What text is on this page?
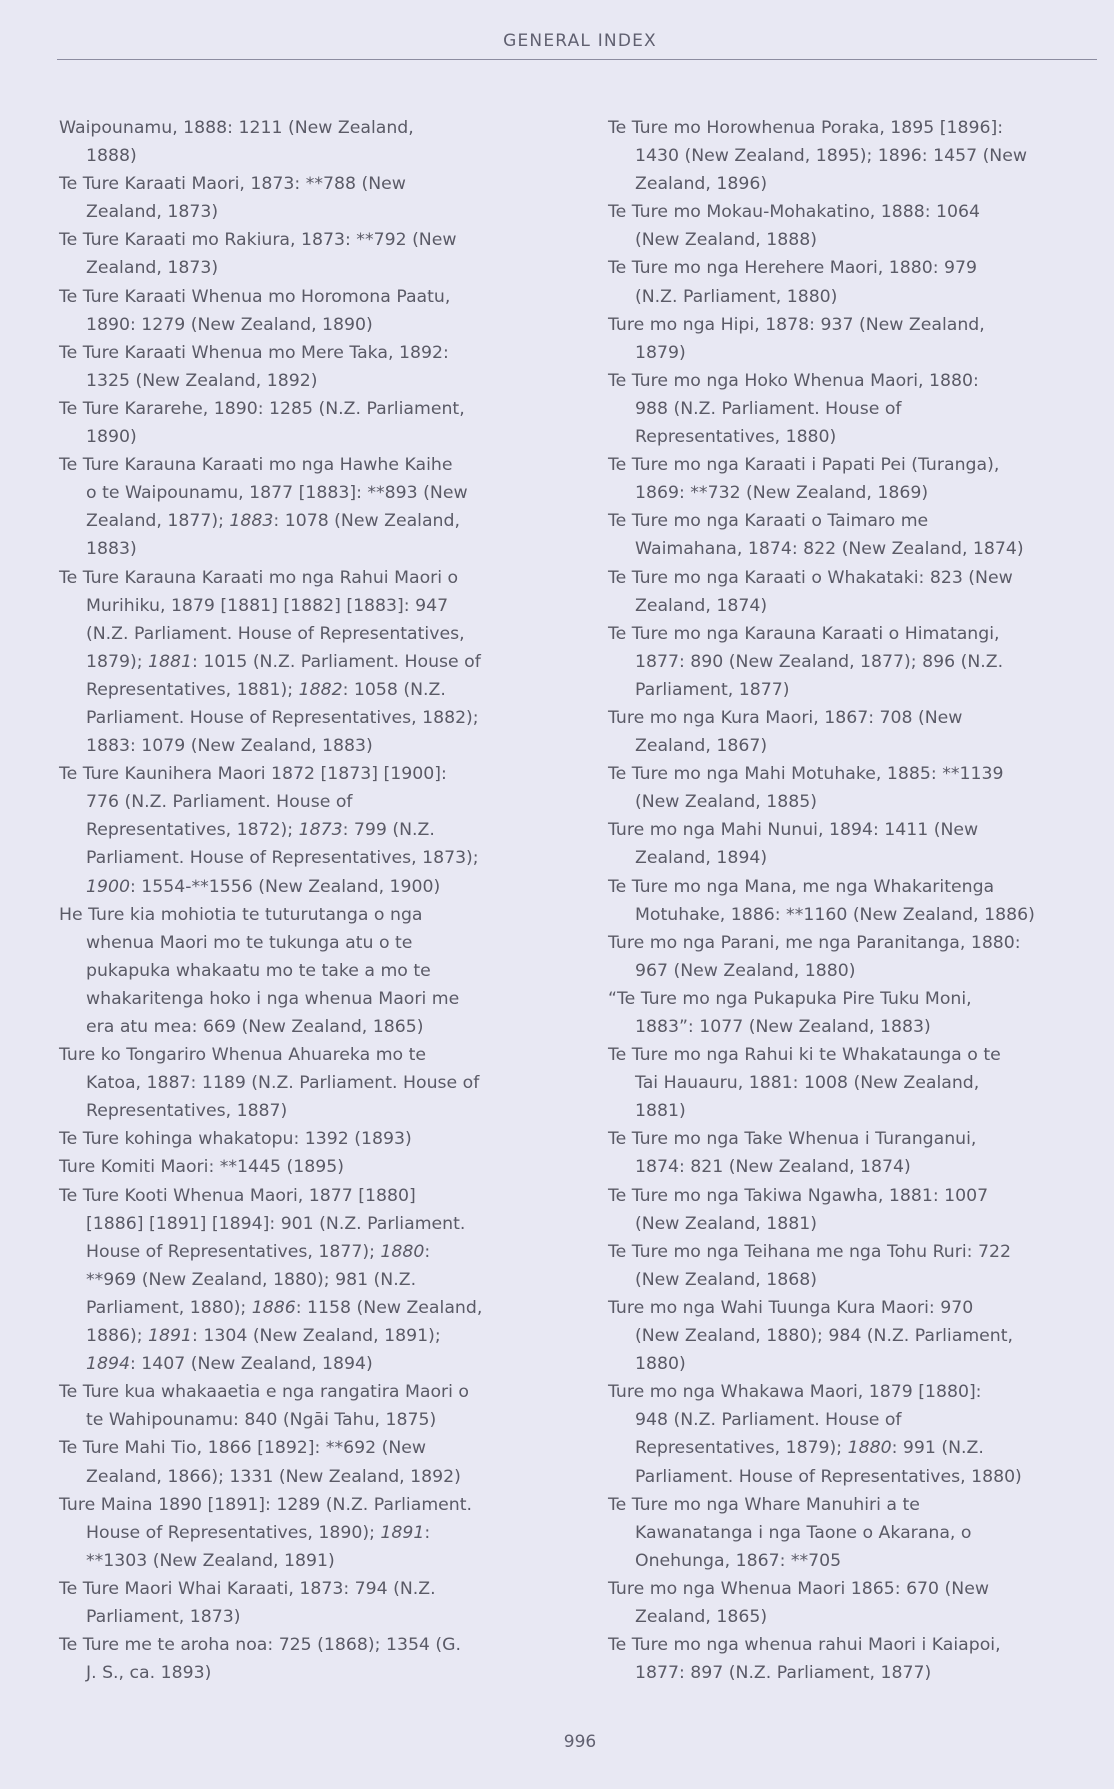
GENERAL INDEX
Waipounamu, 1888: 1211 (New Zealand,
1888)
Te Ture Karaati Maori, 1873: **788 (New
Zealand, 1873)
Te Ture Karaati mo Rakiura, 1873: **792 (New
Zealand, 1873)
Te Ture Karaati Whenua mo Horomona Paatu,
1890: 1279 (New Zealand, 1890)
Te Ture Karaati Whenua mo Mere Taka, 1892:
1325 (New Zealand, 1892)
Te Ture Kararehe, 1890: 1285 (N.Z. Parliament,
1890)
Te Ture Karauna Karaati mo nga Hawhe Kaihe
o te Waipounamu, 1877 [1883]: **893 (New
Zealand, 1877); 1883: 1078 (New Zealand,
1883)
Te Ture Karauna Karaati mo nga Rahui Maori o
Murihiku, 1879 [1881] [1882] [1883]: 947
(N.Z. Parliament. House of Representatives,
1879); 1881: 1015 (N.Z. Parliament. House of
Representatives, 1881); 1882: 1058 (N.Z.
Parliament. House of Representatives, 1882);
1883: 1079 (New Zealand, 1883)
Te Ture Kaunihera Maori 1872 [1873] [1900]:
776 (N.Z. Parliament. House of
Representatives, 1872); 1873: 799 (N.Z.
Parliament. House of Representatives, 1873);
1900: 1554-**1556 (New Zealand, 1900)
He Ture kia mohiotia te tuturutanga o nga
whenua Maori mo te tukunga atu o te
pukapuka whakaatu mo te take a mo te
whakaritenga hoko i nga whenua Maori me
era atu mea: 669 (New Zealand, 1865)
Ture ko Tongariro Whenua Ahuareka mo te
Katoa, 1887: 1189 (N.Z. Parliament. House of
Representatives, 1887)
Te Ture kohinga whakatopu: 1392 (1893)
Ture Komiti Maori: **1445 (1895)
Te Ture Kooti Whenua Maori, 1877 [1880]
[1886] [1891] [1894]: 901 (N.Z. Parliament.
House of Representatives, 1877); 1880:
**969 (New Zealand, 1880); 981 (N.Z.
Parliament, 1880); 1886: 1158 (New Zealand,
1886); 1891: 1304 (New Zealand, 1891);
1894: 1407 (New Zealand, 1894)
Te Ture kua whakaaetia e nga rangatira Maori o
te Wahipounamu: 840 (Ngāi Tahu, 1875)
Te Ture Mahi Tio, 1866 [1892]: **692 (New
Zealand, 1866); 1331 (New Zealand, 1892)
Ture Maina 1890 [1891]: 1289 (N.Z. Parliament.
House of Representatives, 1890); 1891:
**1303 (New Zealand, 1891)
Te Ture Maori Whai Karaati, 1873: 794 (N.Z.
Parliament, 1873)
Te Ture me te aroha noa: 725 (1868); 1354 (G.
J. S., ca. 1893)
Te Ture mo Horowhenua Poraka, 1895 [1896]:
1430 (New Zealand, 1895); 1896: 1457 (New
Zealand, 1896)
Te Ture mo Mokau-Mohakatino, 1888: 1064
(New Zealand, 1888)
Te Ture mo nga Herehere Maori, 1880: 979
(N.Z. Parliament, 1880)
Ture mo nga Hipi, 1878: 937 (New Zealand,
1879)
Te Ture mo nga Hoko Whenua Maori, 1880:
988 (N.Z. Parliament. House of
Representatives, 1880)
Te Ture mo nga Karaati i Papati Pei (Turanga),
1869: **732 (New Zealand, 1869)
Te Ture mo nga Karaati o Taimaro me
Waimahana, 1874: 822 (New Zealand, 1874)
Te Ture mo nga Karaati o Whakataki: 823 (New
Zealand, 1874)
Te Ture mo nga Karauna Karaati o Himatangi,
1877: 890 (New Zealand, 1877); 896 (N.Z.
Parliament, 1877)
Ture mo nga Kura Maori, 1867: 708 (New
Zealand, 1867)
Te Ture mo nga Mahi Motuhake, 1885: **1139
(New Zealand, 1885)
Ture mo nga Mahi Nunui, 1894: 1411 (New
Zealand, 1894)
Te Ture mo nga Mana, me nga Whakaritenga
Motuhake, 1886: **1160 (New Zealand, 1886)
Ture mo nga Parani, me nga Paranitanga, 1880:
967 (New Zealand, 1880)
“Te Ture mo nga Pukapuka Pire Tuku Moni,
1883”: 1077 (New Zealand, 1883)
Te Ture mo nga Rahui ki te Whakataunga o te
Tai Hauauru, 1881: 1008 (New Zealand,
1881)
Te Ture mo nga Take Whenua i Turanganui,
1874: 821 (New Zealand, 1874)
Te Ture mo nga Takiwa Ngawha, 1881: 1007
(New Zealand, 1881)
Te Ture mo nga Teihana me nga Tohu Ruri: 722
(New Zealand, 1868)
Ture mo nga Wahi Tuunga Kura Maori: 970
(New Zealand, 1880); 984 (N.Z. Parliament,
1880)
Ture mo nga Whakawa Maori, 1879 [1880]:
948 (N.Z. Parliament. House of
Representatives, 1879); 1880: 991 (N.Z.
Parliament. House of Representatives, 1880)
Te Ture mo nga Whare Manuhiri a te
Kawanatanga i nga Taone o Akarana, o
Onehunga, 1867: **705
Ture mo nga Whenua Maori 1865: 670 (New
Zealand, 1865)
Te Ture mo nga whenua rahui Maori i Kaiapoi,
1877: 897 (N.Z. Parliament, 1877)
996
